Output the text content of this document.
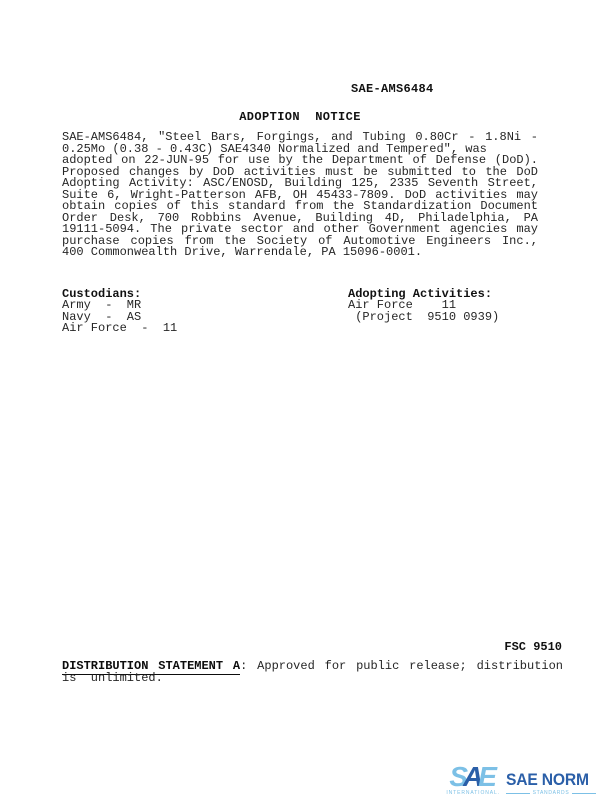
SAE-AMS6484
ADOPTION  NOTICE
SAE-AMS6484, "Steel Bars, Forgings, and Tubing 0.80Cr - 1.8Ni -
0.25Mo (0.38 - 0.43C) SAE4340 Normalized and Tempered", was
adopted on 22-JUN-95 for use by the Department of Defense (DoD).
Proposed changes by DoD activities must be submitted to the DoD
Adopting Activity: ASC/ENOSD, Building 125, 2335 Seventh Street,
Suite 6, Wright-Patterson AFB, OH 45433-7809. DoD activities may
obtain copies of this standard from the Standardization Document
Order Desk, 700 Robbins Avenue, Building 4D, Philadelphia, PA
19111-5094. The private sector and other Government agencies may
purchase copies from the Society of Automotive Engineers Inc.,
400 Commonwealth Drive, Warrendale, PA 15096-0001.
Custodians:
Army  -  MR
Navy  -  AS
Air Force  -  11
Adopting Activities:
Air Force    11
(Project  9510 0939)
FSC 9510
DISTRIBUTION STATEMENT A: Approved for public release; distribution
is  unlimited.
SAE
INTERNATIONAL.
SAE NORM
STANDARDS
